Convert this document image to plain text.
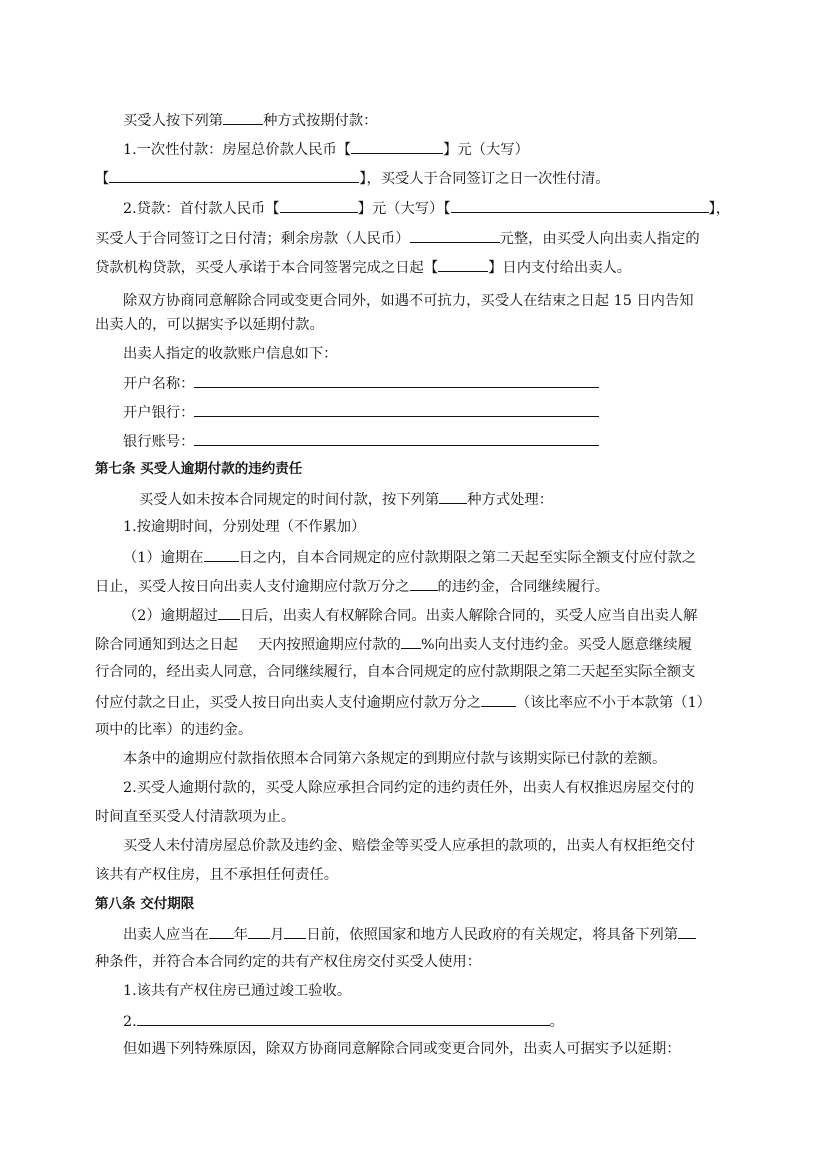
买受人按下列第	种方式按期付款：
1.一次性付款：房屋总价款人民币【	】元（大写）
【	】，买受人于合同签订之日一次性付清。
2.贷款：首付款人民币【	】元（大写）【	】，
买受人于合同签订之日付清；剩余房款（人民币）	元整，由买受人向出卖人指定的
贷款机构贷款，买受人承诺于本合同签署完成之日起【	】日内支付给出卖人。
除双方协商同意解除合同或变更合同外，如遇不可抗力，买受人在结束之日起 15 日内告知
出卖人的，可以据实予以延期付款。
出卖人指定的收款账户信息如下：
开户名称：
开户银行：
银行账号：
第七条 买受人逾期付款的违约责任
买受人如未按本合同规定的时间付款，按下列第 种方式处理：
1.按逾期时间，分别处理（不作累加）
（1）逾期在 日之内，自本合同规定的应付款期限之第二天起至实际全额支付应付款之
日止，买受人按日向出卖人支付逾期应付款万分之 的违约金，合同继续履行。
（2）逾期超过 日后，出卖人有权解除合同。出卖人解除合同的，买受人应当自出卖人解
除合同通知到达之日起 天内按照逾期应付款的 %向出卖人支付违约金。买受人愿意继续履
行合同的，经出卖人同意，合同继续履行，自本合同规定的应付款期限之第二天起至实际全额支
付应付款之日止，买受人按日向出卖人支付逾期应付款万分之 （该比率应不小于本款第（1）
项中的比率）的违约金。
本条中的逾期应付款指依照本合同第六条规定的到期应付款与该期实际已付款的差额。
2.买受人逾期付款的，买受人除应承担合同约定的违约责任外，出卖人有权推迟房屋交付的
时间直至买受人付清款项为止。
买受人未付清房屋总价款及违约金、赔偿金等买受人应承担的款项的，出卖人有权拒绝交付
该共有产权住房，且不承担任何责任。
第八条 交付期限
出卖人应当在 年 月 日前，依照国家和地方人民政府的有关规定，将具备下列第
种条件，并符合本合同约定的共有产权住房交付买受人使用：
1.该共有产权住房已通过竣工验收。
2.	。
但如遇下列特殊原因，除双方协商同意解除合同或变更合同外，出卖人可据实予以延期：
